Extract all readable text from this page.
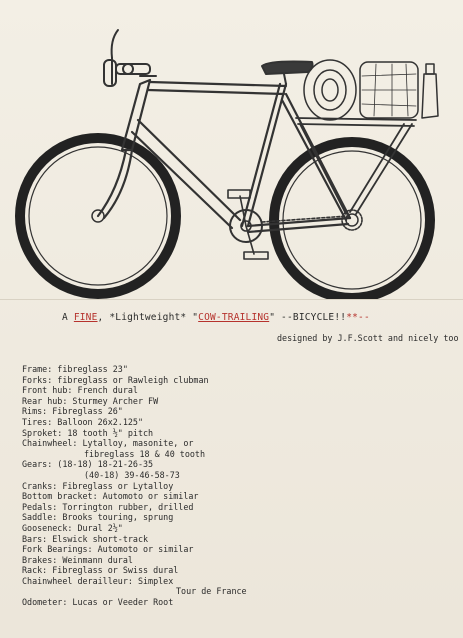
A FINE, *Lightweight* "COW-TRAILING" --BICYCLE!!**--
designed by J.F.Scott and nicely too
Frame: fibreglass 23"
Forks: fibreglass or Rawleigh clubman
Front hub: French dural
Rear hub: Sturmey Archer FW
Rims: Fibreglass 26"
Tires: Balloon 26x2.125"
Sproket: 18 tooth ½" pitch
Chainwheel: Lytalloy, masonite, or
fibreglass 18 & 40 tooth
Gears: (18-18) 18-21-26-35
(40-18) 39-46-58-73
Cranks: Fibreglass or Lytalloy
Bottom bracket: Automoto or similar
Pedals: Torrington rubber, drilled
Saddle: Brooks touring, sprung
Gooseneck: Dural 2½"
Bars: Elswick short-track
Fork Bearings: Automoto or similar
Brakes: Weinmann dural
Rack: Fibreglass or Swiss dural
Chainwheel derailleur: Simplex
Tour de France
Odometer: Lucas or Veeder Root
